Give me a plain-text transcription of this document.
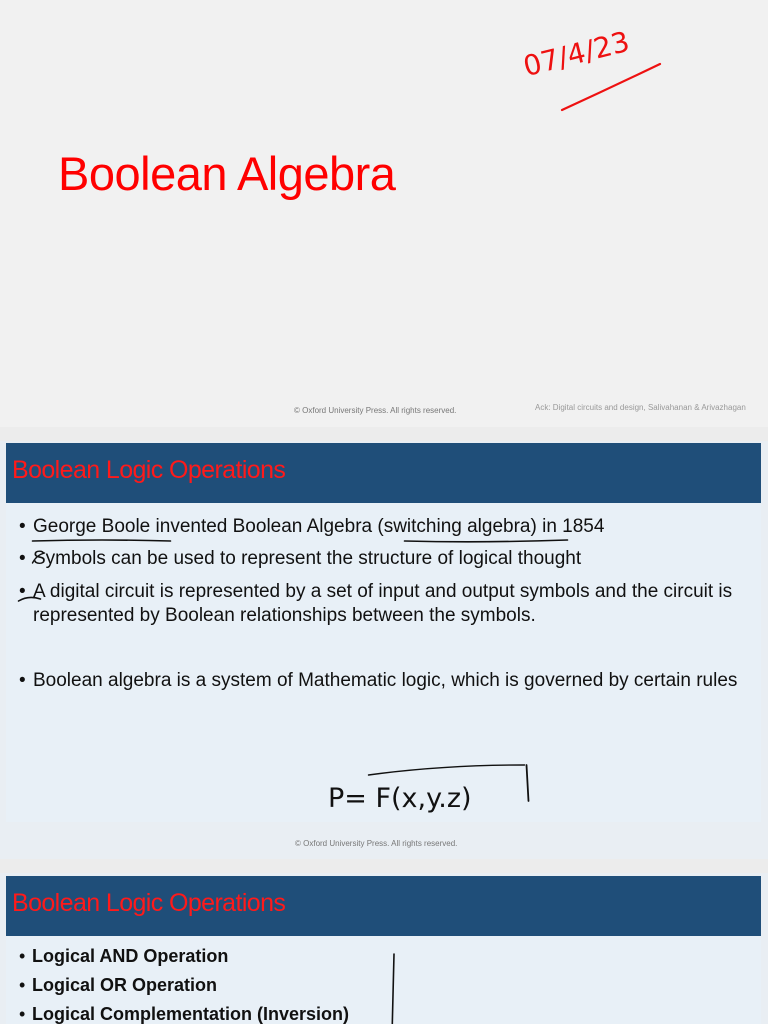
Boolean Algebra
07/4/23
© Oxford University Press. All rights reserved.	Ack: Digital circuits and design, Salivahanan & Arivazhagan
Boolean Logic Operations
• George Boole invented Boolean Algebra (switching algebra) in 1854
• Symbols can be used to represent the structure of logical thought
• A digital circuit is represented by a set of input and output symbols and the circuit is represented by Boolean relationships between the symbols.
• Boolean algebra is a system of Mathematic logic, which is governed by certain rules
P= F(x,y.z)
© Oxford University Press. All rights reserved.
Boolean Logic Operations
• Logical AND Operation
• Logical OR Operation
• Logical Complementation (Inversion)
